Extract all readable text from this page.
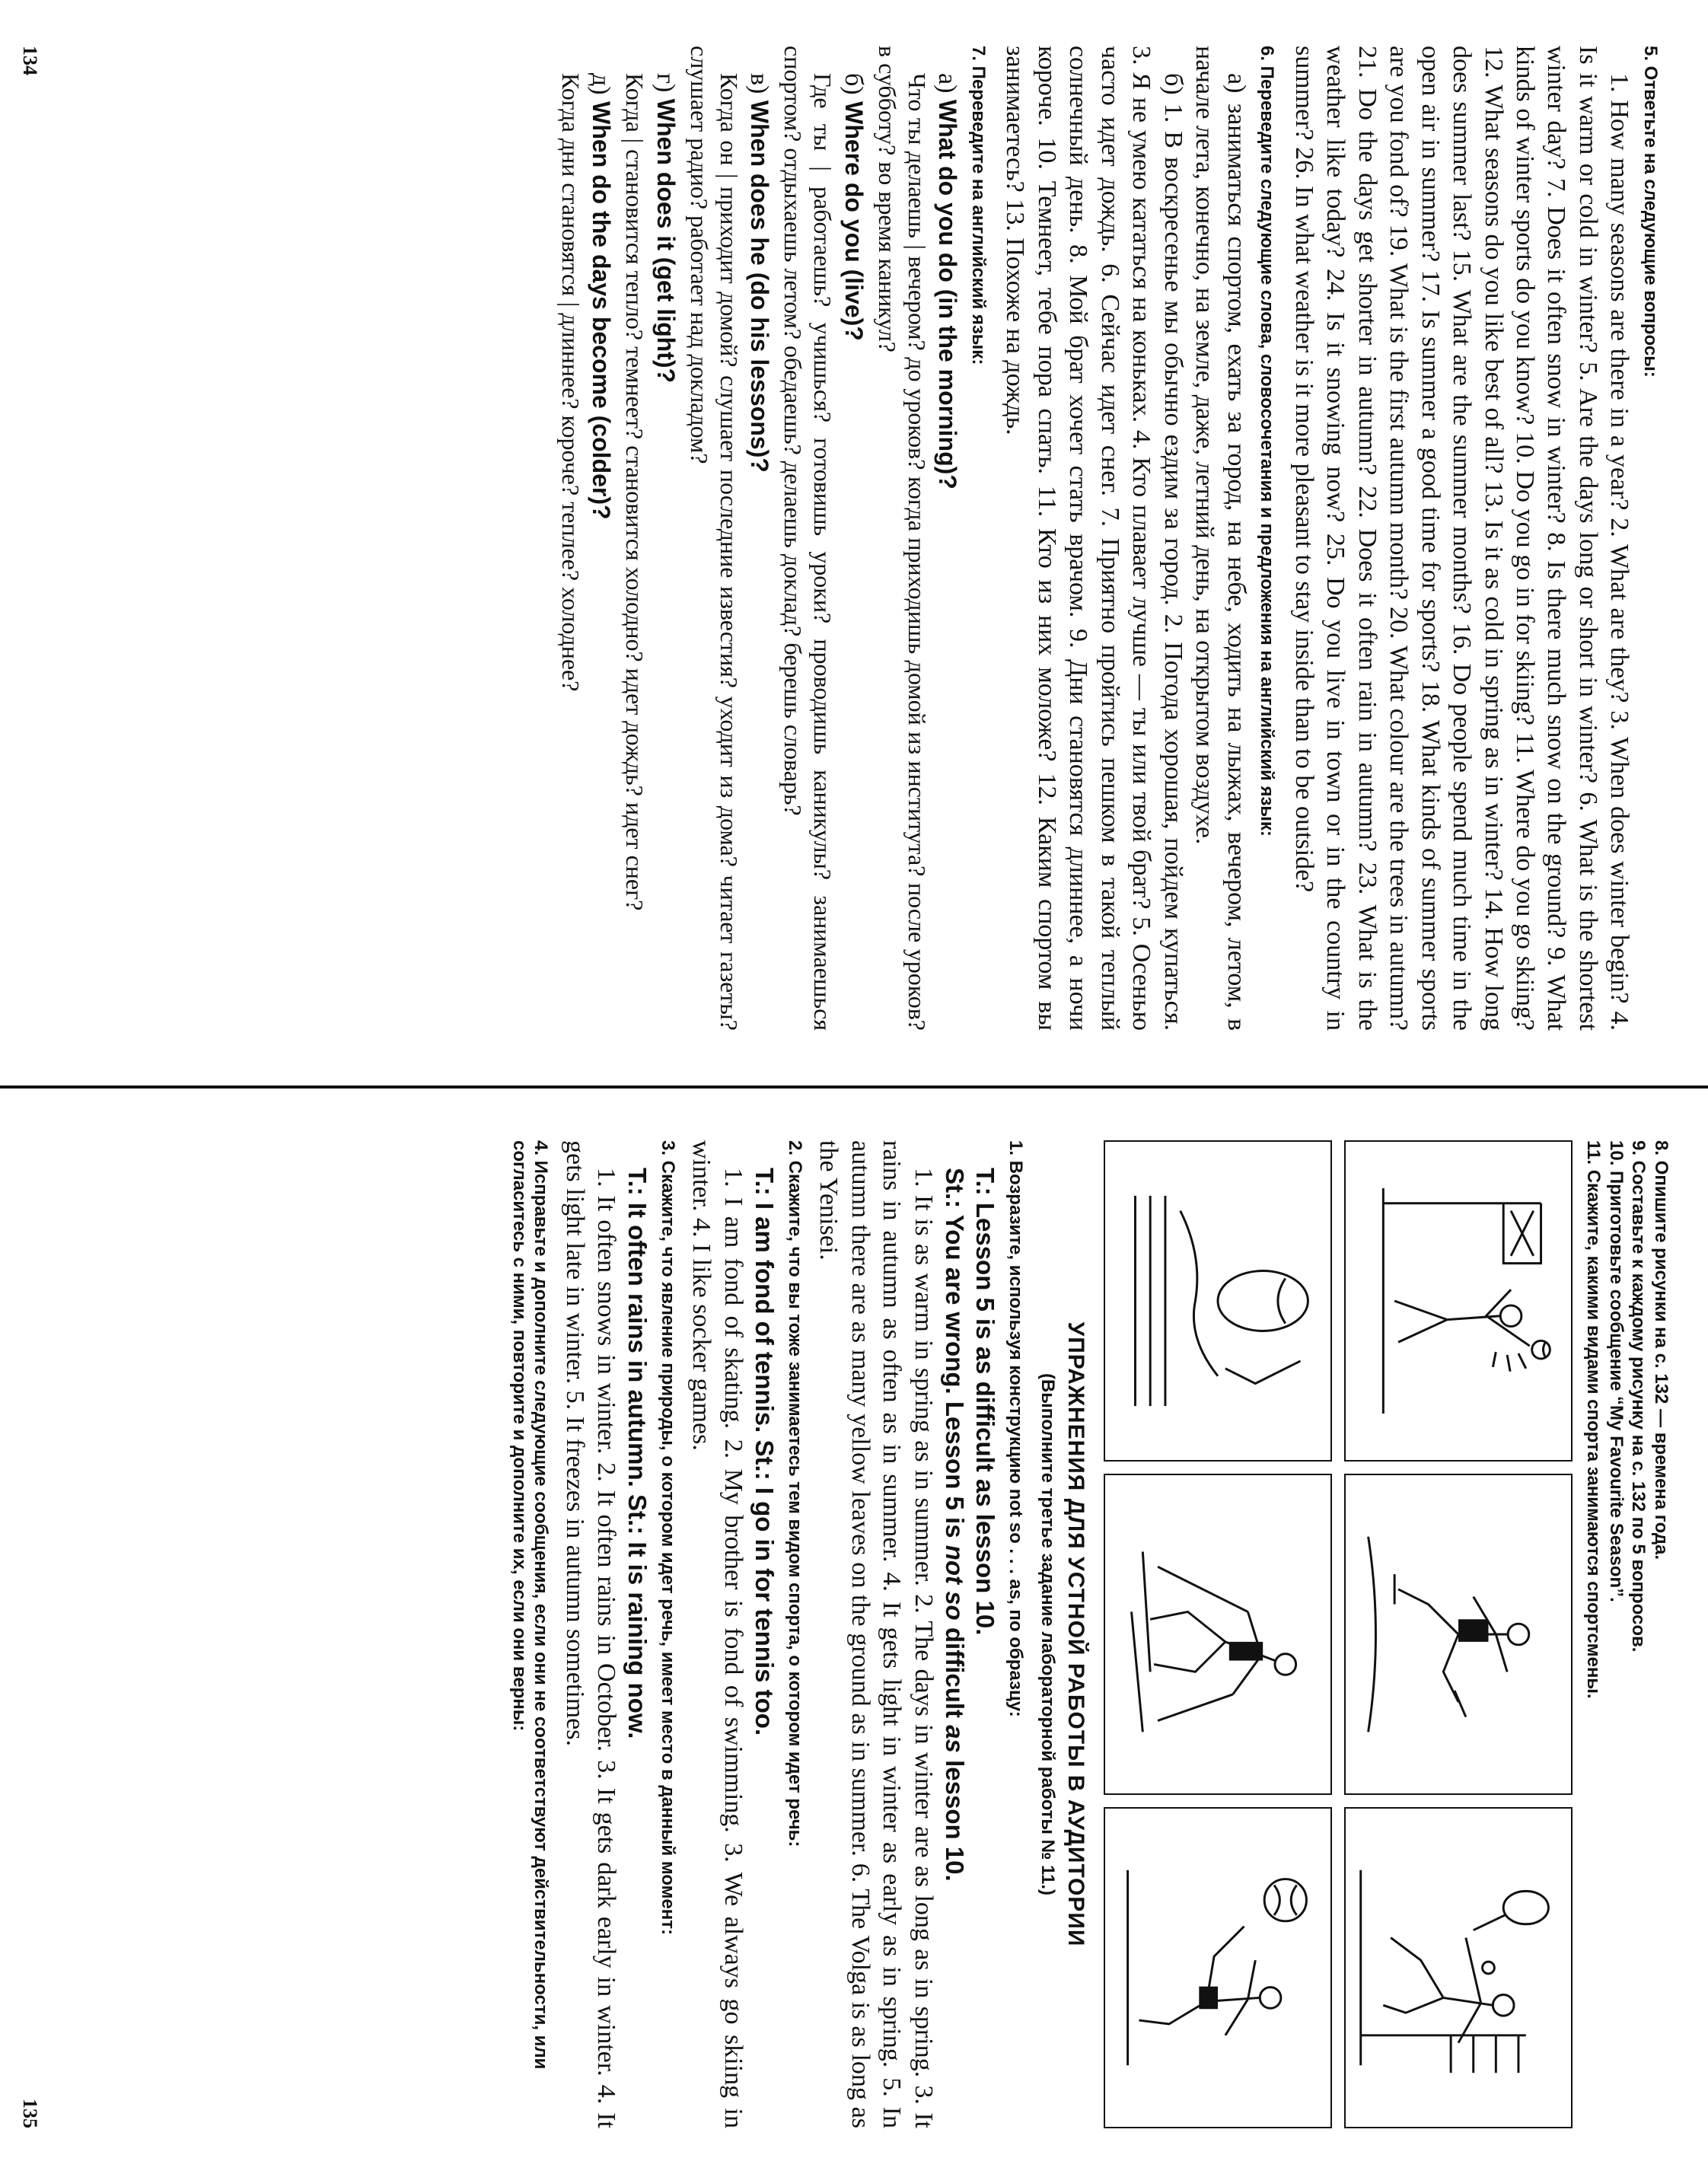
5. Ответьте на следующие вопросы:

1. How many seasons are there in a year? 2. What are they? 3. When does winter begin? 4. Is it warm or cold in winter? 5. Are the days long or short in winter? 6. What is the shortest winter day? 7. Does it often snow in winter? 8. Is there much snow on the ground? 9. What kinds of winter sports do you know? 10. Do you go in for skiing? 11. Where do you go skiing? 12. What seasons do you like best of all? 13. Is it as cold in spring as in winter? 14. How long does summer last? 15. What are the summer months? 16. Do people spend much time in the open air in summer? 17. Is summer a good time for sports? 18. What kinds of summer sports are you fond of? 19. What is the first autumn month? 20. What colour are the trees in autumn? 21. Do the days get shorter in autumn? 22. Does it often rain in autumn? 23. What is the weather like today? 24. Is it snowing now? 25. Do you live in town or in the country in summer? 26. In what weather is it more pleasant to stay inside than to be outside?

6. Переведите следующие слова, словосочетания и предложения на английский язык:

а) заниматься спортом, ехать за город, на небе, ходить на лыжах, вечером, летом, в начале лета, конечно, на земле, даже, летний день, на открытом воздухе.

б) 1. В воскресенье мы обычно ездим за город. 2. Погода хорошая, пойдем купаться. 3. Я не умею кататься на коньках. 4. Кто плавает лучше — ты или твой брат? 5. Осенью часто идет дождь. 6. Сейчас идет снег. 7. Приятно пройтись пешком в такой теплый солнечный день. 8. Мой брат хочет стать врачом. 9. Дни становятся длиннее, а ночи короче. 10. Темнеет, тебе пора спать. 11. Кто из них моложе? 12. Каким спортом вы занимаетесь? 13. Похоже на дождь.

7. Переведите на английский язык:

а) What do you do (in the morning)?

Что ты делаешь | вечером? до уроков? когда приходишь домой из института? после уроков? в субботу? во время каникул?

б) Where do you (live)?

Где ты | работаешь? учишься? готовишь уроки? проводишь каникулы? занимаешься спортом? отдыхаешь летом? обедаешь? делаешь доклад? берешь словарь?

в) When does he (do his lessons)?

Когда он | приходит домой? слушает последние известия? уходит из дома? читает газеты? слушает радио? работает над докладом?

г) When does it (get light)?

Когда | становится тепло? темнеет? становится холодно? идет дождь? идет снег?

д) When do the days become (colder)?

Когда дни становятся | длиннее? короче? теплее? холоднее?

134
8. Опишите рисунки на с. 132 — времена года.
9. Составьте к каждому рисунку на с. 132 по 5 вопросов.
10. Приготовьте сообщение “My Favourite Season”.
11. Скажите, какими видами спорта занимаются спортсмены.
УПРАЖНЕНИЯ ДЛЯ УСТНОЙ РАБОТЫ В АУДИТОРИИ
(Выполните третье задание лабораторной работы № 11.)
1. Возразите, используя конструкцию not so . . . as, по образцу:

T.: Lesson 5 is as difficult as lesson 10.

St.: You are wrong. Lesson 5 is not so difficult as lesson 10.

1. It is as warm in spring as in summer. 2. The days in winter are as long as in spring. 3. It rains in autumn as often as in summer. 4. It gets light in winter as early as in spring. 5. In autumn there are as many yellow leaves on the ground as in summer. 6. The Volga is as long as the Yenisei.

2. Скажите, что вы тоже занимаетесь тем видом спорта, о котором идет речь:

T.: I am fond of tennis. St.: I go in for tennis too.

1. I am fond of skating. 2. My brother is fond of swimming. 3. We always go skiing in winter. 4. I like socker games.

3. Скажите, что явление природы, о котором идет речь, имеет место в данный момент:

T.: It often rains in autumn. St.: It is raining now.

1. It often snows in winter. 2. It often rains in October. 3. It gets dark early in winter. 4. It gets light late in winter. 5. It freezes in autumn sometimes.

4. Исправьте и дополните следующие сообщения, если они не соответствуют действительности, или согласитесь с ними, повторите и дополните их, если они верны:
135
